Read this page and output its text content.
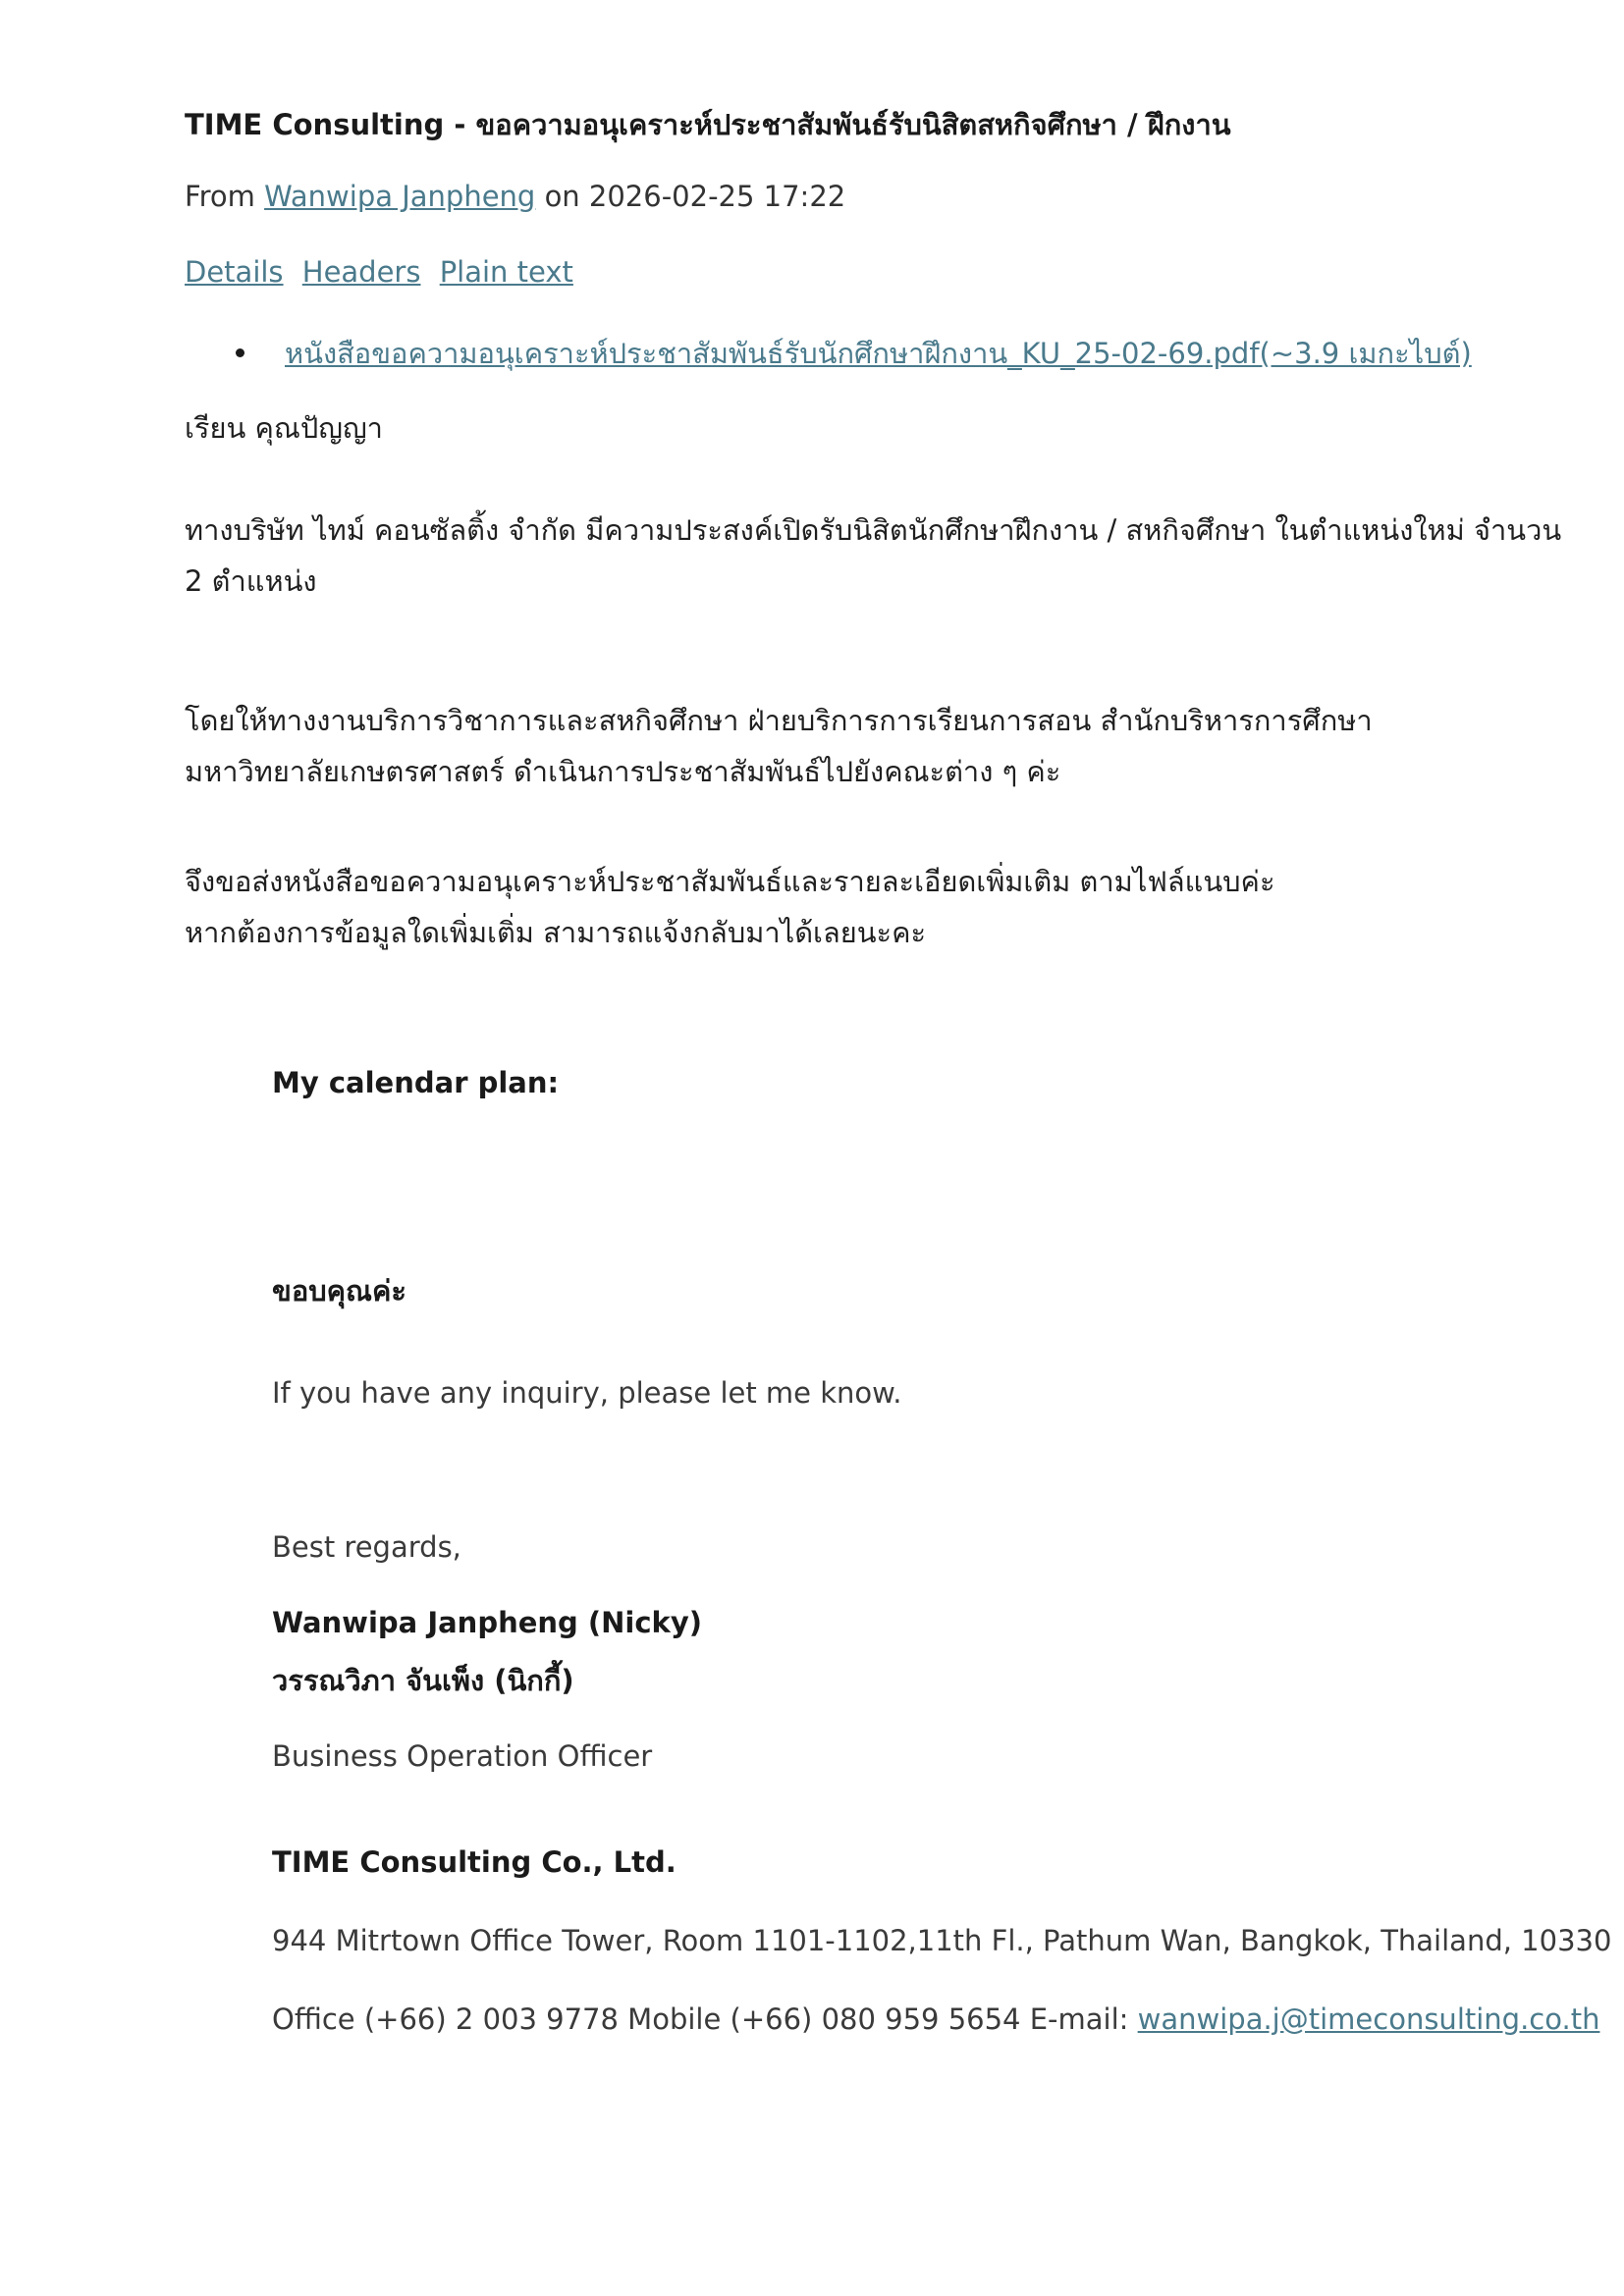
TIME Consulting - ขอความอนุเคราะห์ประชาสัมพันธ์รับนิสิตสหกิจศึกษา / ฝึกงาน
From Wanwipa Janpheng on 2026-02-25 17:22
Details Headers Plain text
หนังสือขอความอนุเคราะห์ประชาสัมพันธ์รับนักศึกษาฝึกงาน_KU_25-02-69.pdf(~3.9 เมกะไบต์)
เรียน คุณปัญญา
ทางบริษัท ไทม์ คอนซัลติ้ง จำกัด มีความประสงค์เปิดรับนิสิตนักศึกษาฝึกงาน / สหกิจศึกษา ในตำแหน่งใหม่ จำนวน
2 ตำแหน่ง
โดยให้ทางงานบริการวิชาการและสหกิจศึกษา ฝ่ายบริการการเรียนการสอน สำนักบริหารการศึกษา
มหาวิทยาลัยเกษตรศาสตร์ ดำเนินการประชาสัมพันธ์ไปยังคณะต่าง ๆ ค่ะ
จึงขอส่งหนังสือขอความอนุเคราะห์ประชาสัมพันธ์และรายละเอียดเพิ่มเติม ตามไฟล์แนบค่ะ
หากต้องการข้อมูลใดเพิ่มเติ่ม สามารถแจ้งกลับมาได้เลยนะคะ
My calendar plan:
ขอบคุณค่ะ
If you have any inquiry, please let me know.
Best regards,
Wanwipa Janpheng (Nicky)
วรรณวิภา จันเพ็ง (นิกกี้)
Business Operation Officer
TIME Consulting Co., Ltd.
944 Mitrtown Office Tower, Room 1101-1102,11th Fl., Pathum Wan, Bangkok, Thailand, 10330
Office (+66) 2 003 9778 Mobile (+66) 080 959 5654 E-mail: wanwipa.j@timeconsulting.co.th
